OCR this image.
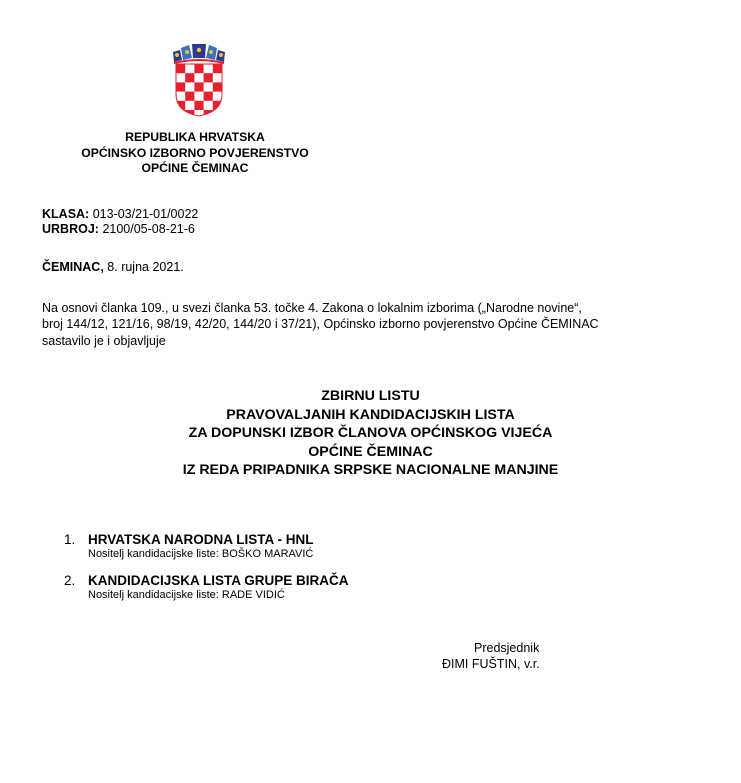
REPUBLIKA HRVATSKA
OPĆINSKO IZBORNO POVJERENSTVO
OPĆINE ČEMINAC
KLASA: 013-03/21-01/0022
URBROJ: 2100/05-08-21-6
ČEMINAC, 8. rujna 2021.
Na osnovi članka 109., u svezi članka 53. točke 4. Zakona o lokalnim izborima („Narodne novine“,
broj 144/12, 121/16, 98/19, 42/20, 144/20 i 37/21), Općinsko izborno povjerenstvo Općine ČEMINAC
sastavilo je i objavljuje
ZBIRNU LISTU
PRAVOVALJANIH KANDIDACIJSKIH LISTA
ZA DOPUNSKI IZBOR ČLANOVA OPĆINSKOG VIJEĆA
OPĆINE ČEMINAC
IZ REDA PRIPADNIKA SRPSKE NACIONALNE MANJINE
1. HRVATSKA NARODNA LISTA - HNL
Nositelj kandidacijske liste: BOŠKO MARAVIĆ
2. KANDIDACIJSKA LISTA GRUPE BIRAČA
Nositelj kandidacijske liste: RADE VIDIĆ
Predsjednik
ĐIMI FUŠTIN, v.r.
